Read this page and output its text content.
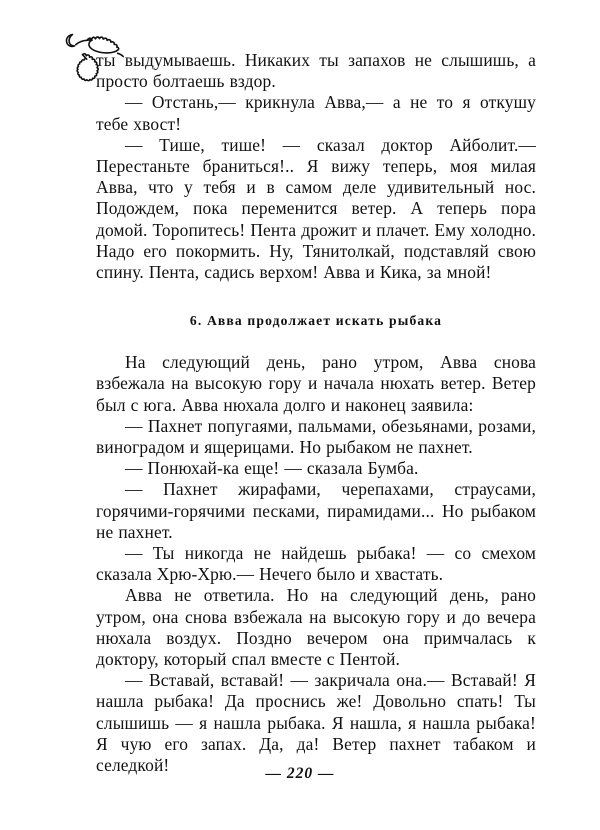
ты выдумываешь. Никаких ты запахов не слышишь, а просто болтаешь вздор.

— Отстань,— крикнула Авва,— а не то я откушу тебе хвост!

— Тише, тише! — сказал доктор Айболит.— Перестаньте браниться!.. Я вижу теперь, моя милая Авва, что у тебя и в самом деле удивительный нос. Подождем, пока переменится ветер. А теперь пора домой. Торопитесь! Пента дрожит и плачет. Ему холодно. Надо его покормить. Ну, Тянитолкай, подставляй свою спину. Пента, садись верхом! Авва и Кика, за мной!

6. Авва продолжает искать рыбака

На следующий день, рано утром, Авва снова взбежала на высокую гору и начала нюхать ветер. Ветер был с юга. Авва нюхала долго и наконец заявила:

— Пахнет попугаями, пальмами, обезьянами, розами, виноградом и ящерицами. Но рыбаком не пахнет.

— Понюхай-ка еще! — сказала Бумба.

— Пахнет жирафами, черепахами, страусами, горячими-горячими песками, пирамидами... Но рыбаком не пахнет.

— Ты никогда не найдешь рыбака! — со смехом сказала Хрю-Хрю.— Нечего было и хвастать.

Авва не ответила. Но на следующий день, рано утром, она снова взбежала на высокую гору и до вечера нюхала воздух. Поздно вечером она примчалась к доктору, который спал вместе с Пентой.

— Вставай, вставай! — закричала она.— Вставай! Я нашла рыбака! Да проснись же! Довольно спать! Ты слышишь — я нашла рыбака. Я нашла, я нашла рыбака! Я чую его запах. Да, да! Ветер пахнет табаком и селедкой!	— 220 —
